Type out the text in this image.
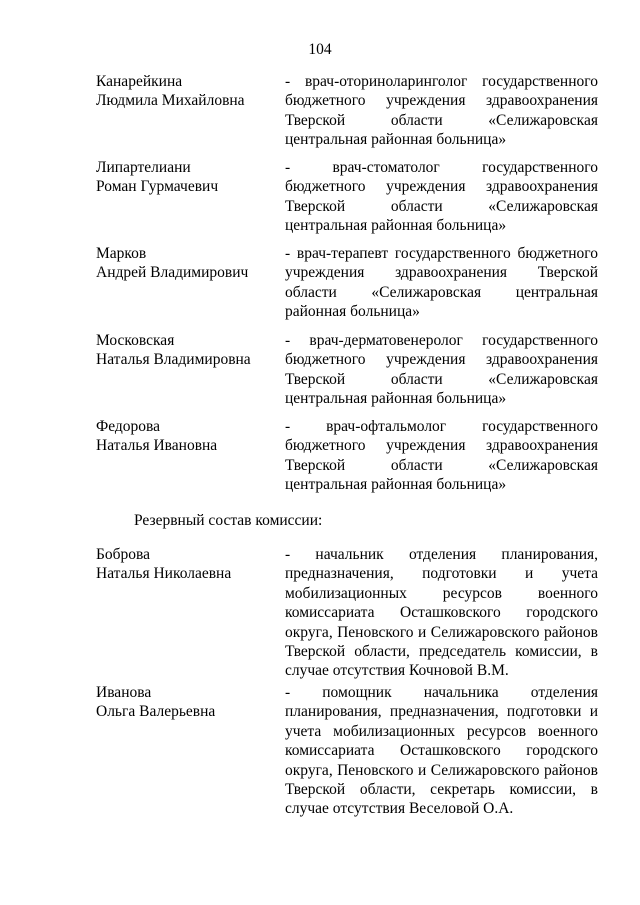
104
Канарейкина
Людмила Михайловна
- врач-оториноларинголог государственного бюджетного учреждения здравоохранения Тверской области «Селижаровская центральная районная больница»
Липартелиани
Роман Гурмачевич
- врач-стоматолог государственного бюджетного учреждения здравоохранения Тверской области «Селижаровская центральная районная больница»
Марков
Андрей Владимирович
- врач-терапевт государственного бюджетного учреждения здравоохранения Тверской области «Селижаровская центральная районная больница»
Московская
Наталья Владимировна
- врач-дерматовенеролог государственного бюджетного учреждения здравоохранения Тверской области «Селижаровская центральная районная больница»
Федорова
Наталья Ивановна
- врач-офтальмолог государственного бюджетного учреждения здравоохранения Тверской области «Селижаровская центральная районная больница»
Резервный состав комиссии:
Боброва
Наталья Николаевна
- начальник отделения планирования, предназначения, подготовки и учета мобилизационных ресурсов военного комиссариата Осташковского городского округа, Пеновского и Селижаровского районов Тверской области, председатель комиссии, в случае отсутствия Кочновой В.М.
Иванова
Ольга Валерьевна
- помощник начальника отделения планирования, предназначения, подготовки и учета мобилизационных ресурсов военного комиссариата Осташковского городского округа, Пеновского и Селижаровского районов Тверской области, секретарь комиссии, в случае отсутствия Веселовой О.А.
